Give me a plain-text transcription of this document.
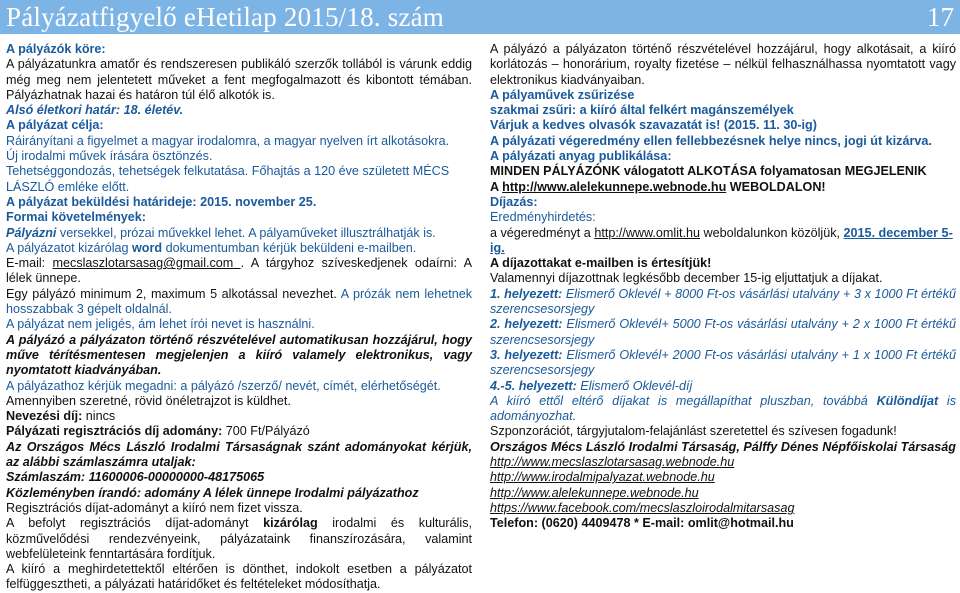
Pályázatfigyelő eHetilap 2015/18. szám	17

A pályázók köre:

A pályázatunkra amatőr és rendszeresen publikáló szerzők tollából is várunk eddig még meg nem jelentetett műveket a fent megfogalmazott és kibontott témában. Pályázhatnak hazai és határon túl élő alkotók is.

Alsó életkori határ: 18. életév.

A pályázat célja:

Ráirányítani a figyelmet a magyar irodalomra, a magyar nyelven írt alkotásokra.

Új irodalmi művek írására ösztönzés.

Tehetséggondozás, tehetségek felkutatása. Főhajtás a 120 éve született MÉCS LÁSZLÓ emléke előtt.

A pályázat beküldési határideje: 2015. november 25.

Formai követelmények:

Pályázni versekkel, prózai művekkel lehet. A pályaműveket illusztrálhatják is.

A pályázatot kizárólag word dokumentumban kérjük beküldeni e-mailben.

E-mail: mecslaszlotarsasag@gmail.com . A tárgyhoz szíveskedjenek odaírni: A lélek ünnepe.

Egy pályázó minimum 2, maximum 5 alkotással nevezhet. A prózák nem lehetnek hosszabbak 3 gépelt oldalnál.

A pályázat nem jeligés, ám lehet írói nevet is használni.

A pályázó a pályázaton történő részvételével automatikusan hozzájárul, hogy műve térítésmentesen megjelenjen a kiíró valamely elektronikus, vagy nyomtatott kiadványában.

A pályázathoz kérjük megadni: a pályázó /szerző/ nevét, címét, elérhetőségét.

Amennyiben szeretné, rövid önéletrajzot is küldhet.

Nevezési díj: nincs

Pályázati regisztrációs díj adomány: 700 Ft/Pályázó

Az Országos Mécs László Irodalmi Társaságnak szánt adományokat kérjük, az alábbi számlaszámra utaljak:

Számlaszám: 11600006-00000000-48175065

Közleményben írandó: adomány A lélek ünnepe Irodalmi pályázathoz

Regisztrációs díjat-adományt a kiíró nem fizet vissza.

A befolyt regisztrációs díjat-adományt kizárólag irodalmi és kulturális, közművelődési rendezvényeink, pályázataink finanszírozására, valamint webfelületeink fenntartására fordítjuk.

A kiíró a meghirdetettektől eltérően is dönthet, indokolt esetben a pályázatot felfüggesztheti, a pályázati határidőket és feltételeket módosíthatja.

A pályázó a pályázaton történő részvételével hozzájárul, hogy alkotásait, a kiíró korlátozás – honorárium, royalty fizetése – nélkül felhasználhassa nyomtatott vagy elektronikus kiadványaiban.

A pályaművek zsűrizése

szakmai zsűri: a kiíró által felkért magánszemélyek

Várjuk a kedves olvasók szavazatát is! (2015. 11. 30-ig)

A pályázati végeredmény ellen fellebbezésnek helye nincs, jogi út kizárva.

A pályázati anyag publikálása:

MINDEN PÁLYÁZÓNK válogatott ALKOTÁSA folyamatosan MEGJELENIK

A http://www.alelekunnepe.webnode.hu WEBOLDALON!

Díjazás:

Eredményhirdetés:

a végeredményt a http://www.omlit.hu weboldalunkon közöljük, 2015. december 5-ig.

A díjazottakat e-mailben is értesítjük!

Valamennyi díjazottnak legkésőbb december 15-ig eljuttatjuk a díjakat.

1. helyezett: Elismerő Oklevél + 8000 Ft-os vásárlási utalvány + 3 x 1000 Ft értékű szerencsesorsjegy

2. helyezett: Elismerő Oklevél+ 5000 Ft-os vásárlási utalvány + 2 x 1000 Ft értékű szerencsesorsjegy

3. helyezett: Elismerő Oklevél+ 2000 Ft-os vásárlási utalvány + 1 x 1000 Ft értékű szerencsesorsjegy

4.-5. helyezett: Elismerő Oklevél-díj

A kiíró ettől eltérő díjakat is megállapíthat pluszban, továbbá Különdíjat is adományozhat.

Szponzorációt, tárgyjutalom-felajánlást szeretettel és szívesen fogadunk!

Országos Mécs László Irodalmi Társaság, Pálffy Dénes Népfőiskolai Társaság

http://www.mecslaszlotarsasag.webnode.hu

http://www.irodalmipalyazat.webnode.hu

http://www.alelekunnepe.webnode.hu

https://www.facebook.com/mecslaszloirodalmitarsasag

Telefon: (0620) 4409478 * E-mail: omlit@hotmail.hu
